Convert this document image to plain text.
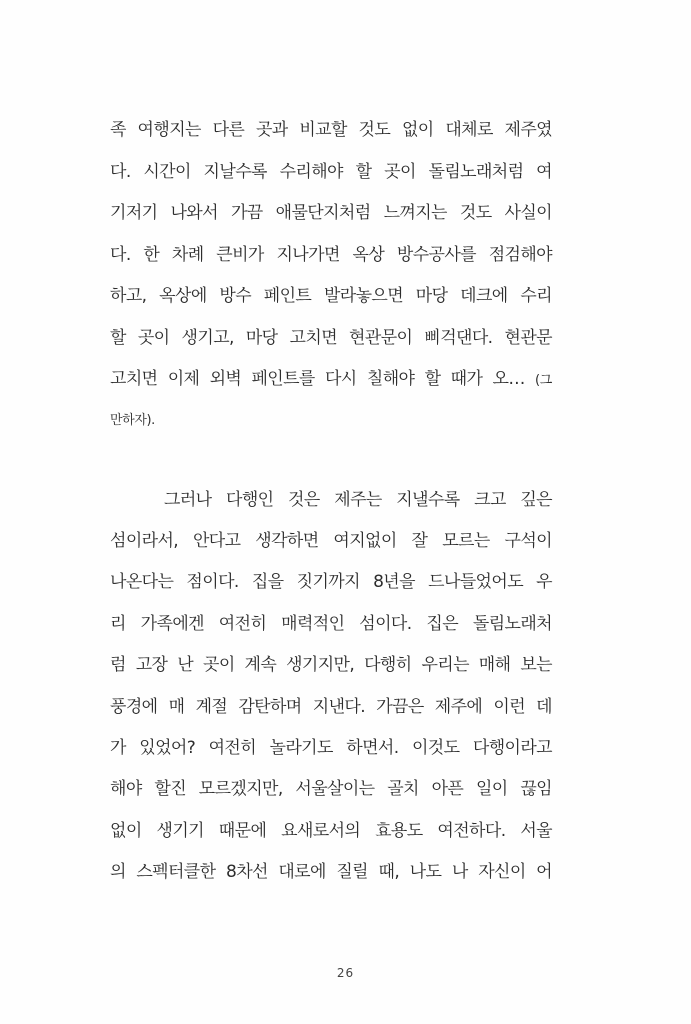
족 여행지는 다른 곳과 비교할 것도 없이 대체로 제주였
다. 시간이 지날수록 수리해야 할 곳이 돌림노래처럼 여
기저기 나와서 가끔 애물단지처럼 느껴지는 것도 사실이
다. 한 차례 큰비가 지나가면 옥상 방수공사를 점검해야
하고, 옥상에 방수 페인트 발라놓으면 마당 데크에 수리
할 곳이 생기고, 마당 고치면 현관문이 삐걱댄다. 현관문
고치면 이제 외벽 페인트를 다시 칠해야 할 때가 오… (그
만하자).
그러나 다행인 것은 제주는 지낼수록 크고 깊은
섬이라서, 안다고 생각하면 여지없이 잘 모르는 구석이
나온다는 점이다. 집을 짓기까지 8년을 드나들었어도 우
리 가족에겐 여전히 매력적인 섬이다. 집은 돌림노래처
럼 고장 난 곳이 계속 생기지만, 다행히 우리는 매해 보는
풍경에 매 계절 감탄하며 지낸다. 가끔은 제주에 이런 데
가 있었어? 여전히 놀라기도 하면서. 이것도 다행이라고
해야 할진 모르겠지만, 서울살이는 골치 아픈 일이 끊임
없이 생기기 때문에 요새로서의 효용도 여전하다. 서울
의 스펙터클한 8차선 대로에 질릴 때, 나도 나 자신이 어
26
